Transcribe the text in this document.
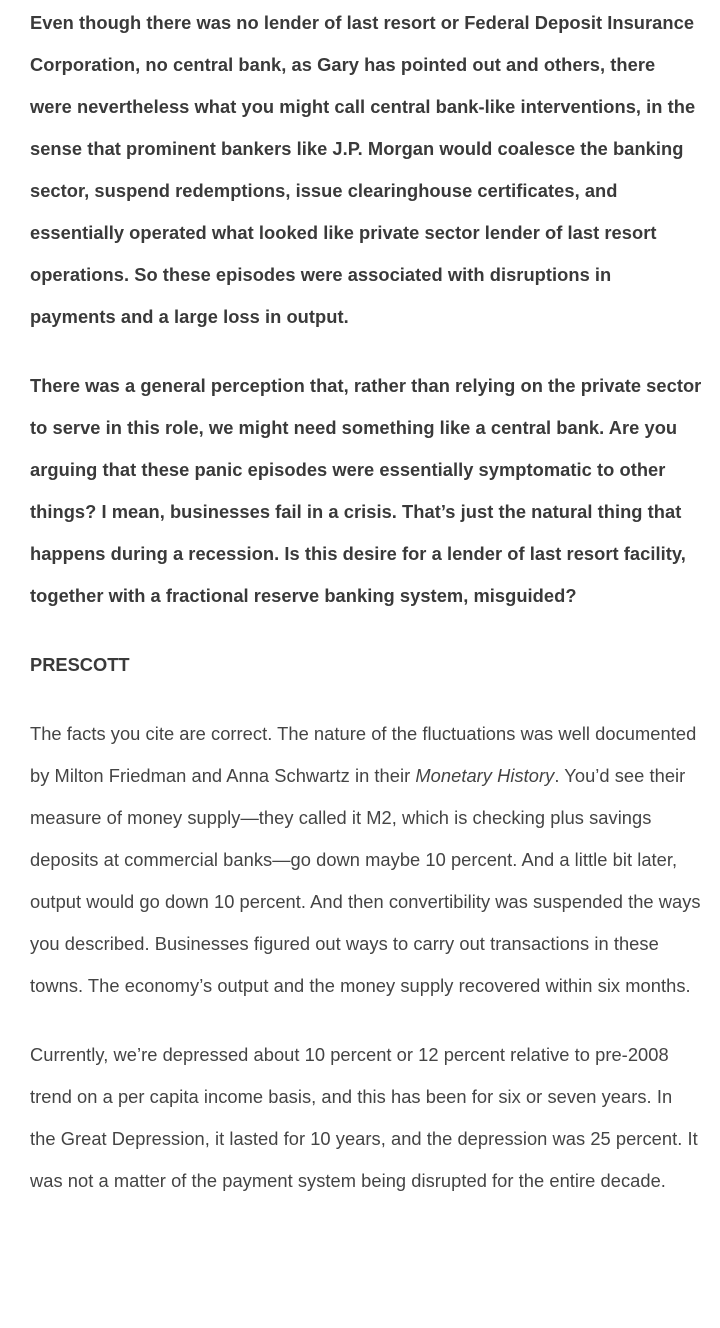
Even though there was no lender of last resort or Federal Deposit Insurance Corporation, no central bank, as Gary has pointed out and others, there were nevertheless what you might call central bank-like interventions, in the sense that prominent bankers like J.P. Morgan would coalesce the banking sector, suspend redemptions, issue clearinghouse certificates, and essentially operated what looked like private sector lender of last resort operations. So these episodes were associated with disruptions in payments and a large loss in output.

There was a general perception that, rather than relying on the private sector to serve in this role, we might need something like a central bank. Are you arguing that these panic episodes were essentially symptomatic to other things? I mean, businesses fail in a crisis. That’s just the natural thing that happens during a recession. Is this desire for a lender of last resort facility, together with a fractional reserve banking system, misguided?

PRESCOTT

The facts you cite are correct. The nature of the fluctuations was well documented by Milton Friedman and Anna Schwartz in their Monetary History. You’d see their measure of money supply—they called it M2, which is checking plus savings deposits at commercial banks—go down maybe 10 percent. And a little bit later, output would go down 10 percent. And then convertibility was suspended the ways you described. Businesses figured out ways to carry out transactions in these towns. The economy’s output and the money supply recovered within six months.

Currently, we’re depressed about 10 percent or 12 percent relative to pre-2008 trend on a per capita income basis, and this has been for six or seven years. In the Great Depression, it lasted for 10 years, and the depression was 25 percent. It was not a matter of the payment system being disrupted for the entire decade.
